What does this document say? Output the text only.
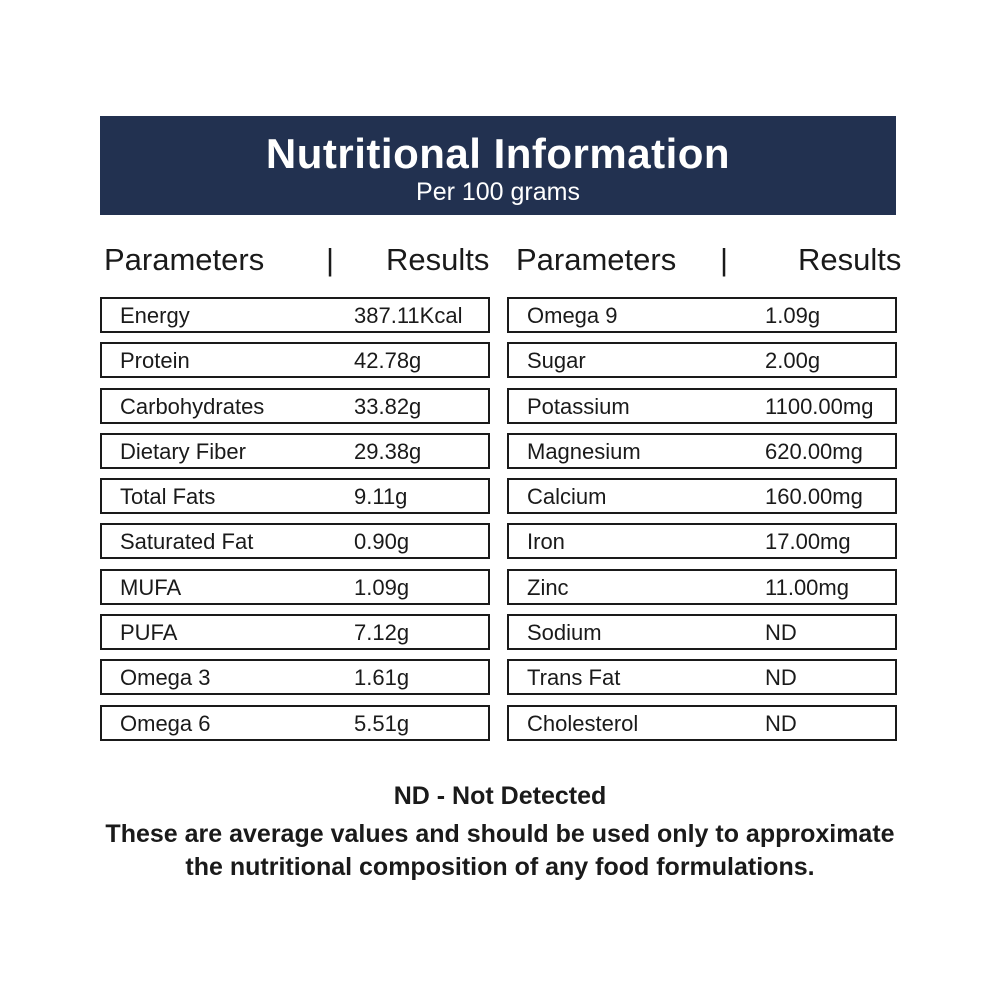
Nutritional Information
Per 100 grams
Parameters | Results Parameters | Results
Energy	387.11Kcal
Protein	42.78g
Carbohydrates	33.82g
Dietary Fiber	29.38g
Total Fats	9.11g
Saturated Fat	0.90g
MUFA	1.09g
PUFA	7.12g
Omega 3	1.61g
Omega 6	5.51g
Omega 9	1.09g
Sugar	2.00g
Potassium	1100.00mg
Magnesium	620.00mg
Calcium	160.00mg
Iron	17.00mg
Zinc	11.00mg
Sodium	ND
Trans Fat	ND
Cholesterol	ND
ND - Not Detected
These are average values and should be used only to approximate
the nutritional composition of any food formulations.
